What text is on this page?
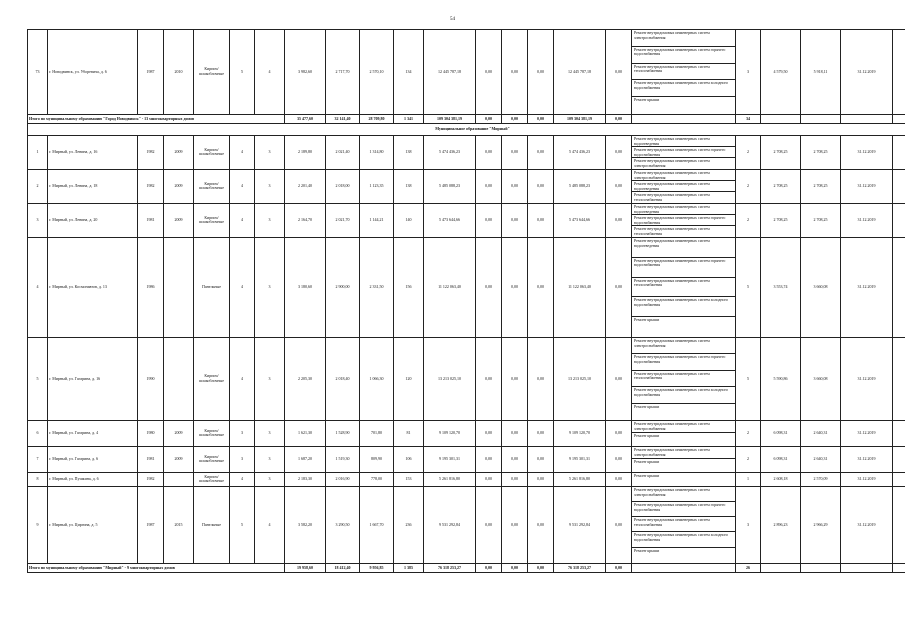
54
73	г. Новодвинск, ул. Уборевича, д. 6	1987	2010	Кирпич/ шлакоблочные	5	4	3 982,60	2 717,70	2 570,10	134	12 445 787,18	0,00	0,00	0,00	12 445 787,18	0,00	Ремонт внутридомовых инженерных систем электроснабжения
Ремонт внутридомовых инженерных систем горячего водоснабжения
Ремонт внутридомовых инженерных систем теплоснабжения
Ремонт внутридомовых инженерных систем холодного водоснабжения
Ремонт крыши	3	4 579,50	5 918,11	31.12.2019	
Итого по муниципальному образованию "Город Новодвинск" - 13 многоквартирных домов							35 477,60	32 141,40	28 709,80	1 341	109 304 381,19	0,00	0,00	0,00	109 304 381,19	0,00		34				
Муниципальное образование "Мирный"																						
1	г. Мирный, ул. Ленина, д. 16	1982	2009	Кирпич/ шлакоблочные	4	3	2 189,80	2 021,40	1 314,80	138	5 474 436,23	0,00	0,00	0,00	5 474 436,23	0,00	Ремонт внутридомовых инженерных систем водоотведения
Ремонт внутридомовых инженерных систем горячего водоснабжения
Ремонт внутридомовых инженерных систем электроснабжения	2	2 708,25	2 708,25	31.12.2019	
2	г. Мирный, ул. Ленина, д. 18	1982	2009	Кирпич/ шлакоблочные	4	3	2 201,40	2 018,00	1 123,35	138	5 485 088,23	0,00	0,00	0,00	5 485 088,23	0,00	Ремонт внутридомовых инженерных систем электроснабжения
Ремонт внутридомовых инженерных систем водоотведения
Ремонт внутридомовых инженерных систем теплоснабжения	2	2 708,25	2 708,25	31.12.2019	
3	г. Мирный, ул. Ленина, д. 20	1981	2009	Кирпич/ шлакоблочные	4	3	2 164,70	2 021,70	1 144,21	140	5 473 644,66	0,00	0,00	0,00	5 473 644,66	0,00	Ремонт внутридомовых инженерных систем водоотведения
Ремонт внутридомовых инженерных систем горячего водоснабжения
Ремонт внутридомовых инженерных систем теплоснабжения	2	2 708,25	2 708,25	31.12.2019	
4	г. Мирный, ул. Космонавтов, д. 13	1986		Панельные	4	3	3 180,60	2 900,00	2 331,50	156	11 122 063,40	0,00	0,00	0,00	11 122 063,40	0,00	Ремонт внутридомовых инженерных систем водоотведения
Ремонт внутридомовых инженерных систем горячего водоснабжения
Ремонт внутридомовых инженерных систем теплоснабжения
Ремонт внутридомовых инженерных систем холодного водоснабжения
Ремонт крыши	5	3 553,74	3 660,08	31.12.2019	
5	г. Мирный, ул. Гагарина, д. 16	1990		Кирпич/ шлакоблочные	4	3	2 205,30	2 018,40	1 066,30	120	13 213 025,10	0,00	0,00	0,00	13 213 025,10	0,00	Ремонт внутридомовых инженерных систем электроснабжения
Ремонт внутридомовых инженерных систем горячего водоснабжения
Ремонт внутридомовых инженерных систем теплоснабжения
Ремонт внутридомовых инженерных систем холодного водоснабжения
Ремонт крыши	5	5 590,86	3 660,08	31.12.2019	
6	г. Мирный, ул. Гагарина, д. 4	1980	2009	Кирпич/ шлакоблочные	3	3	1 621,30	1 528,90	701,80	81	9 109 120,70	0,00	0,00	0,00	9 109 120,70	0,00	Ремонт внутридомовых инженерных систем электроснабжения
Ремонт крыши	2	6 098,31	2 640,31	31.12.2019	
7	г. Мирный, ул. Гагарина, д. 6	1981	2009	Кирпич/ шлакоблочные	3	3	1 687,20	1 519,30	809,90	106	9 195 301,31	0,00	0,00	0,00	9 195 301,31	0,00	Ремонт внутридомовых инженерных систем электроснабжения
Ремонт крыши	2	6 098,31	2 640,31	31.12.2019	
8	г. Мирный, ул. Пушкина, д. 6	1982		Кирпич/ шлакоблочные	4	3	2 183,30	2 016,90	778,00	153	5 261 816,80	0,00	0,00	0,00	5 261 816,80	0,00	Ремонт крыши	1	2 608,18	2 570,09	31.12.2019	
9	г. Мирный, ул. Циргина, д. 5	1987	2015	Панельные	5	4	3 582,20	3 290,50	1 667,70	236	9 531 292,84	0,00	0,00	0,00	9 531 292,84	0,00	Ремонт внутридомовых инженерных систем электроснабжения
Ремонт внутридомовых инженерных систем горячего водоснабжения
Ремонт внутридомовых инженерных систем теплоснабжения
Ремонт внутридомовых инженерных систем холодного водоснабжения
Ремонт крыши	3	2 896,23	2 966,29	31.12.2019	
Итого по муниципальному образованию "Мирный" - 9 многоквартирных домов							19 958,60	18 412,40	9 956,85	1 385	76 318 253,27	0,00	0,00	0,00	76 318 253,27	0,00		26				
